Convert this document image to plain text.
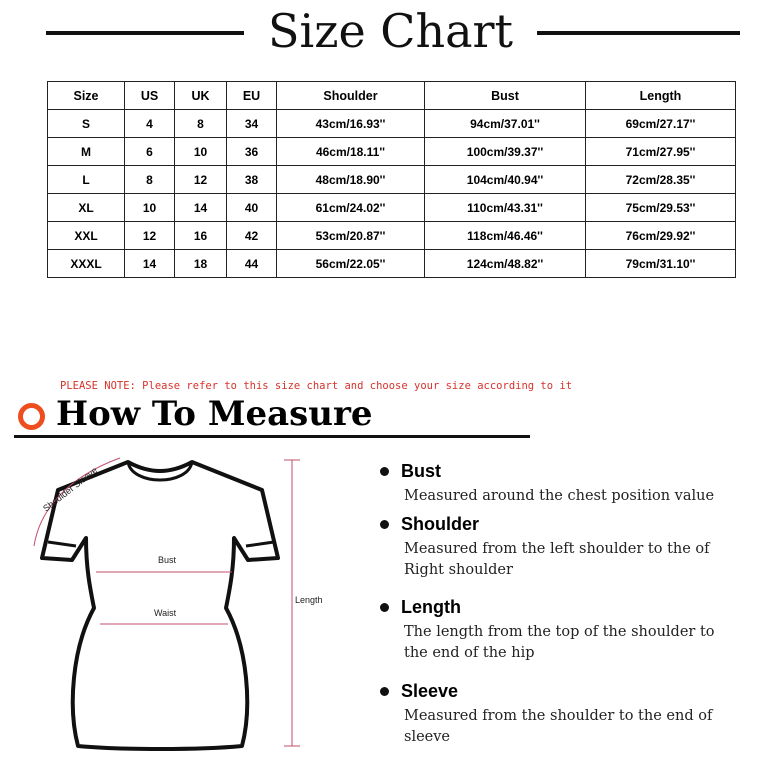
Size Chart
Size	US	UK	EU	Shoulder	Bust	Length
S	4	8	34	43cm/16.93''	94cm/37.01''	69cm/27.17''
M	6	10	36	46cm/18.11''	100cm/39.37''	71cm/27.95''
L	8	12	38	48cm/18.90''	104cm/40.94''	72cm/28.35''
XL	10	14	40	61cm/24.02''	110cm/43.31''	75cm/29.53''
XXL	12	16	42	53cm/20.87''	118cm/46.46''	76cm/29.92''
XXXL	14	18	44	56cm/22.05''	124cm/48.82''	79cm/31.10''
PLEASE NOTE: Please refer to this size chart and choose your size according to it
How To Measure
Shoulder Sleeve
Bust
Waist
Length
Bust
Measured around the chest position value
Shoulder
Measured from the left shoulder to the of Right shoulder
Length
The length from the top of the shoulder to the end of the hip
Sleeve
Measured from the shoulder to the end of sleeve
